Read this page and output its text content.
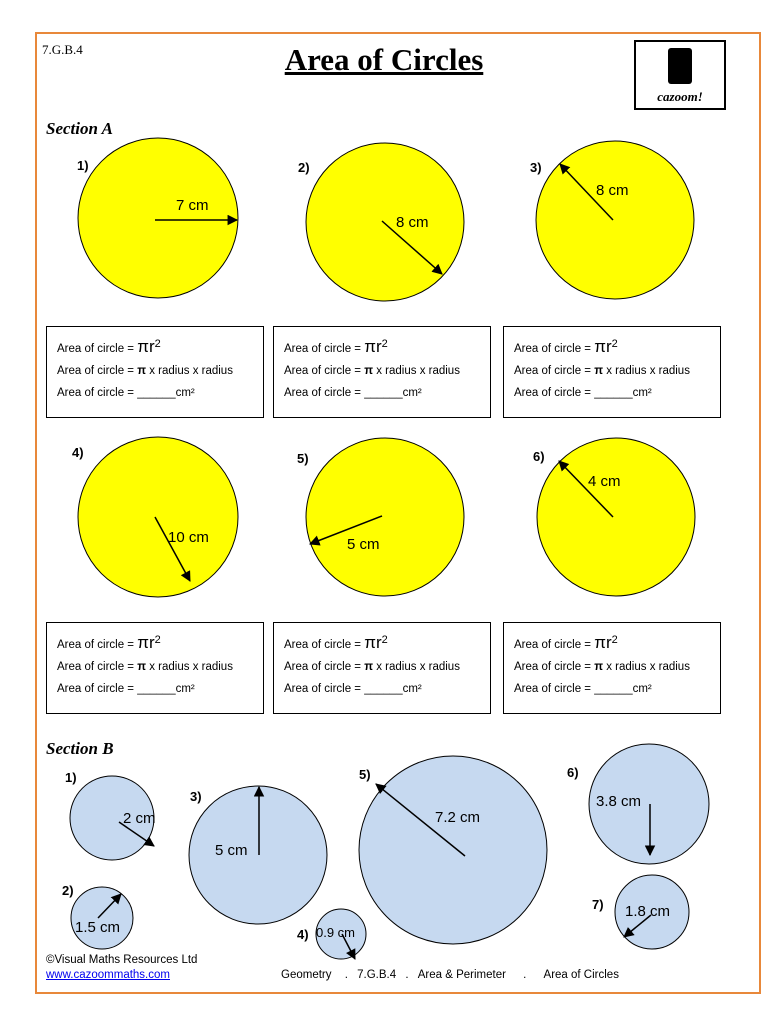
7.G.B.4	Area of Circles
cazoom!
Section A
Section B
7 cm
8 cm
8 cm
10 cm	5 cm
4 cm
2 cm
1.5 cm
5 cm
0.9 cm
7.2 cm
3.8 cm
1.8 cm
1)	2)	3)
4)	5)	6)
1)
2)
3)
4)
5)	6)
7)
Area of circle = $\pi r^2$
Area of circle = π x radius x radius
Area of circle = ______cm²
Area of circle = $\pi r^2$
Area of circle = π x radius x radius
Area of circle = ______cm²
Area of circle = $\pi r^2$
Area of circle = π x radius x radius
Area of circle = ______cm²
Area of circle = $\pi r^2$
Area of circle = π x radius x radius
Area of circle = ______cm²
Area of circle = $\pi r^2$
Area of circle = π x radius x radius
Area of circle = ______cm²
Area of circle = $\pi r^2$
Area of circle = π x radius x radius
Area of circle = ______cm²
©Visual Maths Resources Ltd
www.cazoommaths.com	Geometry . 7.G.B.4 . Area & Perimeter . Area of Circles
